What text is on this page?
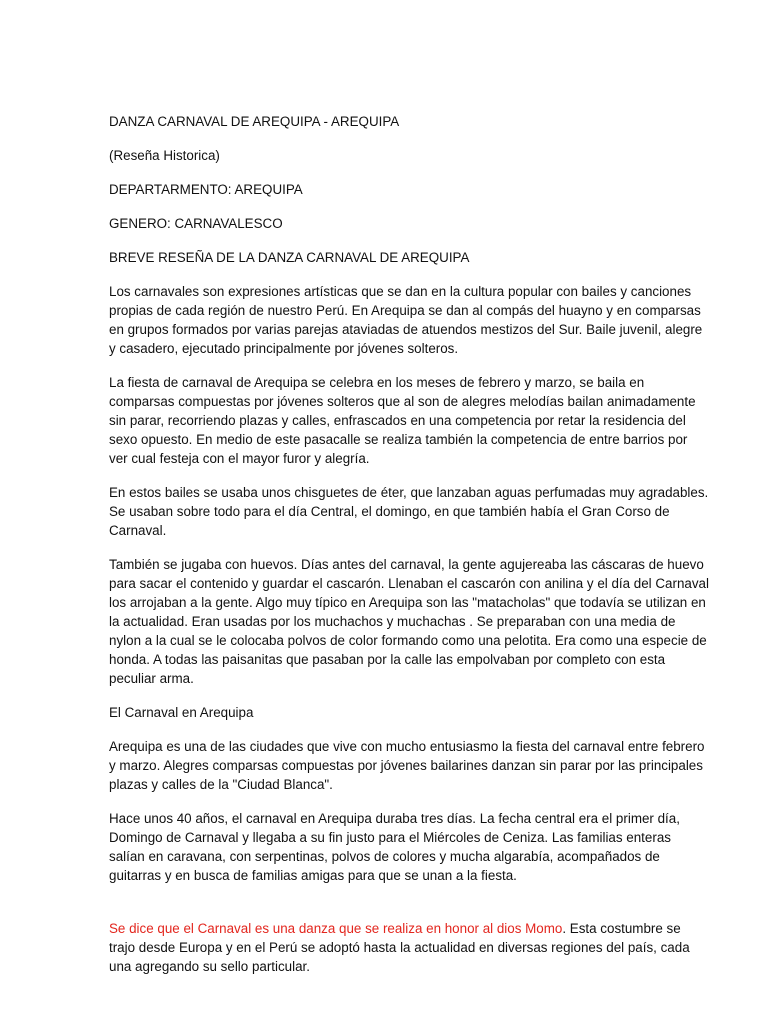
DANZA CARNAVAL DE AREQUIPA - AREQUIPA

(Reseña Historica)

DEPARTARMENTO: AREQUIPA

GENERO: CARNAVALESCO

BREVE RESEÑA DE LA DANZA CARNAVAL DE AREQUIPA

Los carnavales son expresiones artísticas que se dan en la cultura popular con bailes y canciones propias de cada región de nuestro Perú. En Arequipa se dan al compás del huayno y en comparsas en grupos formados por varias parejas ataviadas de atuendos mestizos del Sur. Baile juvenil, alegre y casadero, ejecutado principalmente por jóvenes solteros.

La fiesta de carnaval de Arequipa se celebra en los meses de febrero y marzo, se baila en comparsas compuestas por jóvenes solteros que al son de alegres melodías bailan animadamente sin parar, recorriendo plazas y calles, enfrascados en una competencia por retar la residencia del sexo opuesto. En medio de este pasacalle se realiza también la competencia de entre barrios por ver cual festeja con el mayor furor y alegría.

En estos bailes se usaba unos chisguetes de éter, que lanzaban aguas perfumadas muy agradables. Se usaban sobre todo para el día Central, el domingo, en que también había el Gran Corso de Carnaval.

También se jugaba con huevos. Días antes del carnaval, la gente agujereaba las cáscaras de huevo para sacar el contenido y guardar el cascarón. Llenaban el cascarón con anilina y el día del Carnaval los arrojaban a la gente. Algo muy típico en Arequipa son las "matacholas" que todavía se utilizan en la actualidad. Eran usadas por los muchachos y muchachas . Se preparaban con una media de nylon a la cual se le colocaba polvos de color formando como una pelotita. Era como una especie de honda. A todas las paisanitas que pasaban por la calle las empolvaban por completo con esta peculiar arma.

El Carnaval en Arequipa

Arequipa es una de las ciudades que vive con mucho entusiasmo la fiesta del carnaval entre febrero y marzo. Alegres comparsas compuestas por jóvenes bailarines danzan sin parar por las principales plazas y calles de la "Ciudad Blanca".

Hace unos 40 años, el carnaval en Arequipa duraba tres días. La fecha central era el primer día, Domingo de Carnaval y llegaba a su fin justo para el Miércoles de Ceniza. Las familias enteras salían en caravana, con serpentinas, polvos de colores y mucha algarabía, acompañados de guitarras y en busca de familias amigas para que se unan a la fiesta.

Se dice que el Carnaval es una danza que se realiza en honor al dios Momo. Esta costumbre se trajo desde Europa y en el Perú se adoptó hasta la actualidad en diversas regiones del país, cada una agregando su sello particular.
